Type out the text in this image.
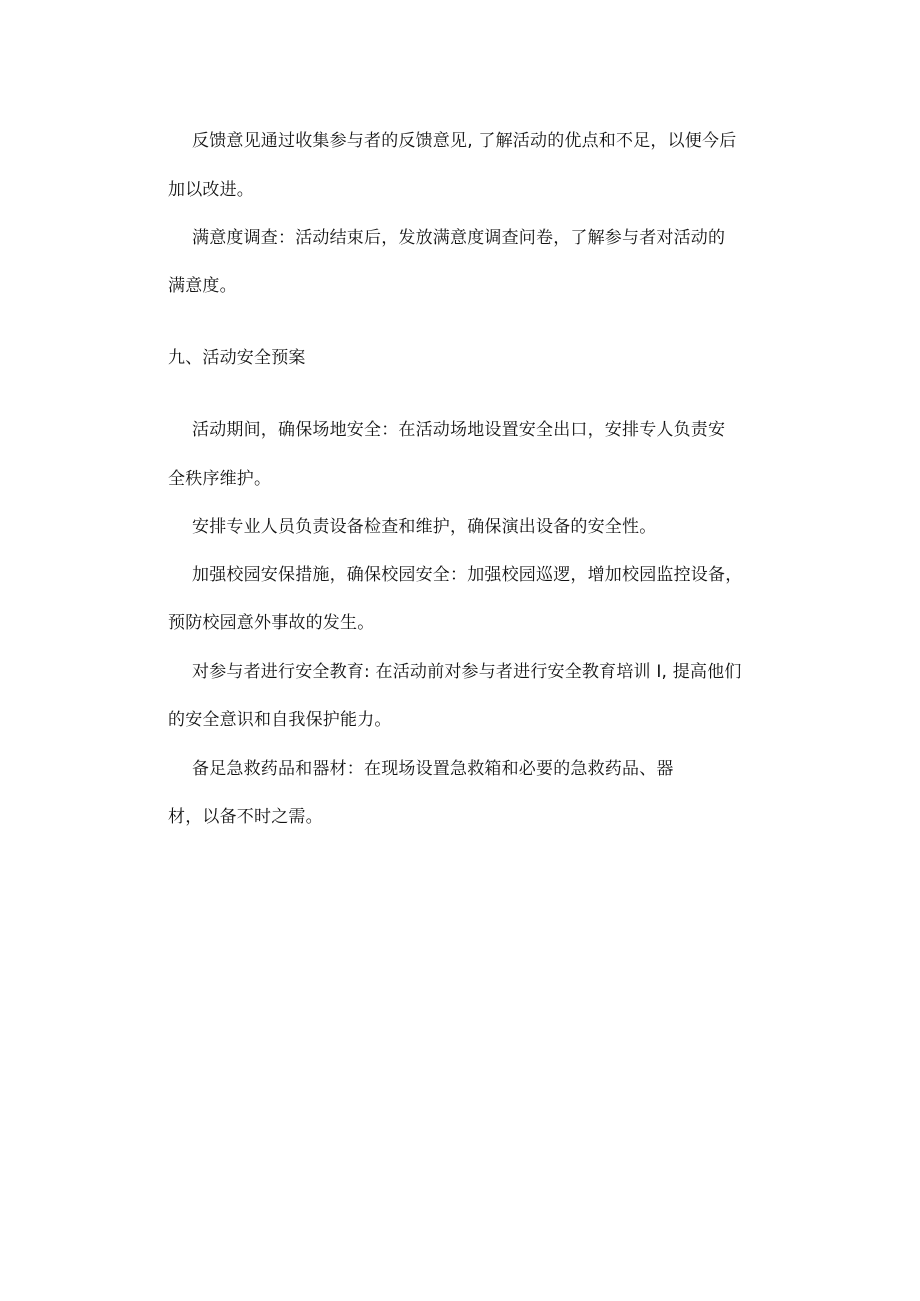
反馈意见通过收集参与者的反馈意见, 了解活动的优点和不足，以便今后
加以改进。
满意度调查：活动结束后，发放满意度调查问卷，了解参与者对活动的
满意度。
九、活动安全预案
活动期间，确保场地安全：在活动场地设置安全出口，安排专人负责安
全秩序维护。
安排专业人员负责设备检查和维护，确保演出设备的安全性。
加强校园安保措施，确保校园安全：加强校园巡逻，增加校园监控设备，
预防校园意外事故的发生。
对参与者进行安全教育: 在活动前对参与者进行安全教育培训 I, 提高他们
的安全意识和自我保护能力。
备足急救药品和器材：在现场设置急救箱和必要的急救药品、器
材，以备不时之需。
